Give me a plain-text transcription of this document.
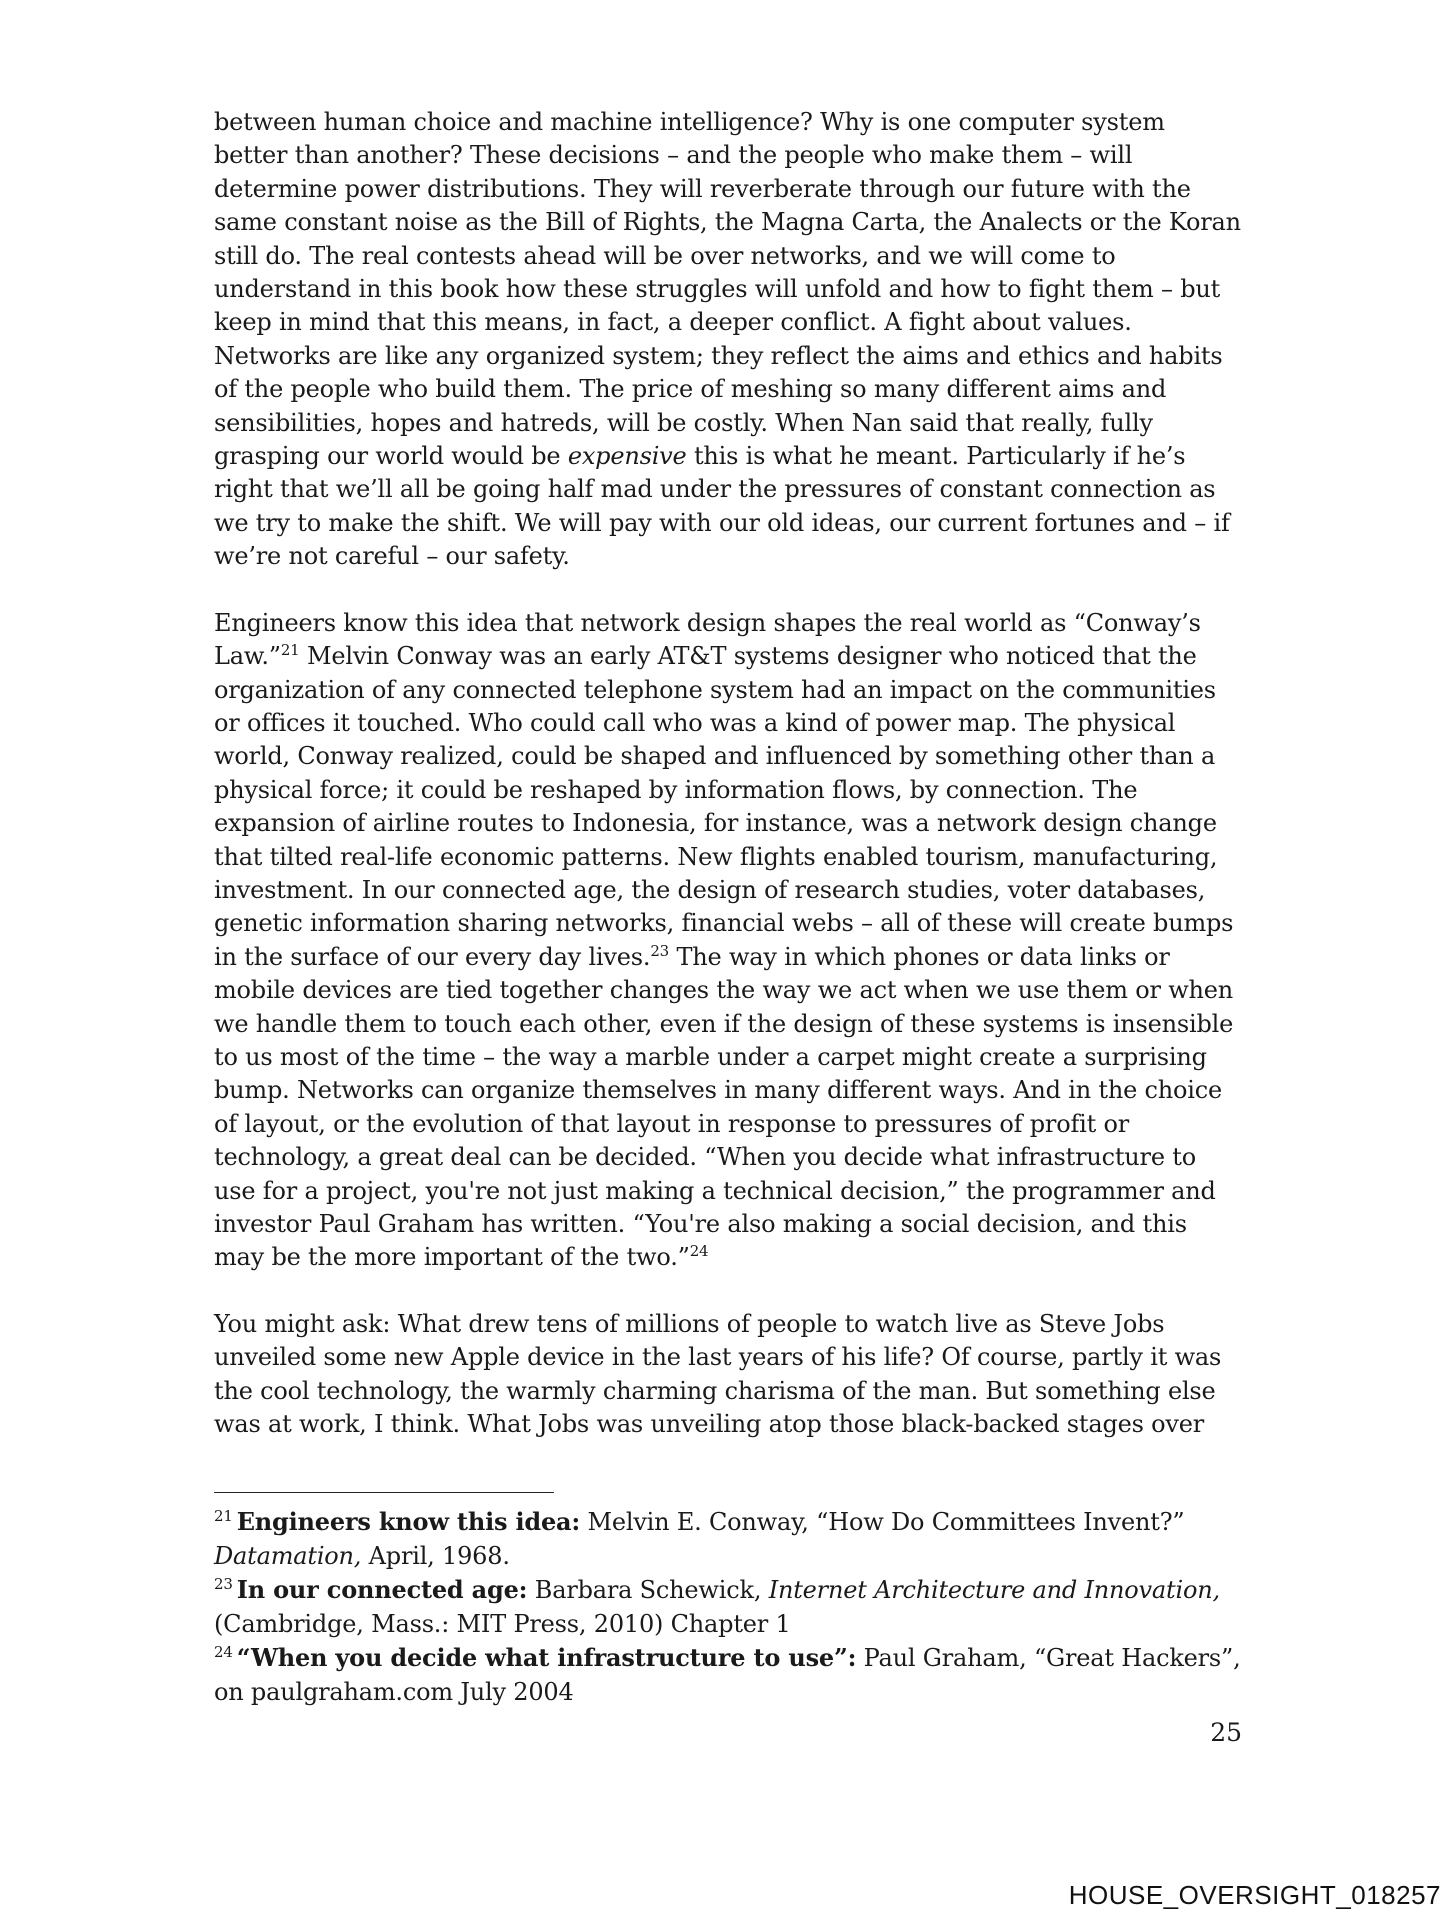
between human choice and machine intelligence? Why is one computer system better than another? These decisions – and the people who make them – will determine power distributions. They will reverberate through our future with the same constant noise as the Bill of Rights, the Magna Carta, the Analects or the Koran still do. The real contests ahead will be over networks, and we will come to understand in this book how these struggles will unfold and how to fight them – but keep in mind that this means, in fact, a deeper conflict. A fight about values. Networks are like any organized system; they reflect the aims and ethics and habits of the people who build them. The price of meshing so many different aims and sensibilities, hopes and hatreds, will be costly. When Nan said that really, fully grasping our world would be expensive this is what he meant. Particularly if he’s right that we’ll all be going half mad under the pressures of constant connection as we try to make the shift. We will pay with our old ideas, our current fortunes and – if we’re not careful – our safety.

Engineers know this idea that network design shapes the real world as “Conway’s Law.”$^{21}$ Melvin Conway was an early AT&T systems designer who noticed that the organization of any connected telephone system had an impact on the communities or offices it touched. Who could call who was a kind of power map. The physical world, Conway realized, could be shaped and influenced by something other than a physical force; it could be reshaped by information flows, by connection. The expansion of airline routes to Indonesia, for instance, was a network design change that tilted real-life economic patterns. New flights enabled tourism, manufacturing, investment. In our connected age, the design of research studies, voter databases, genetic information sharing networks, financial webs – all of these will create bumps in the surface of our every day lives.$^{23}$ The way in which phones or data links or mobile devices are tied together changes the way we act when we use them or when we handle them to touch each other, even if the design of these systems is insensible to us most of the time – the way a marble under a carpet might create a surprising bump. Networks can organize themselves in many different ways. And in the choice of layout, or the evolution of that layout in response to pressures of profit or technology, a great deal can be decided. “When you decide what infrastructure to use for a project, you're not just making a technical decision,” the programmer and investor Paul Graham has written. “You're also making a social decision, and this may be the more important of the two.”$^{24}$

You might ask: What drew tens of millions of people to watch live as Steve Jobs unveiled some new Apple device in the last years of his life? Of course, partly it was the cool technology, the warmly charming charisma of the man. But something else was at work, I think. What Jobs was unveiling atop those black-backed stages over

$^{21}$ Engineers know this idea: Melvin E. Conway, “How Do Committees Invent?” Datamation, April, 1968.

$^{23}$ In our connected age: Barbara Schewick, Internet Architecture and Innovation, (Cambridge, Mass.: MIT Press, 2010) Chapter 1

$^{24}$ “When you decide what infrastructure to use”: Paul Graham, “Great Hackers”, on paulgraham.com July 2004

25
HOUSE_OVERSIGHT_018257
